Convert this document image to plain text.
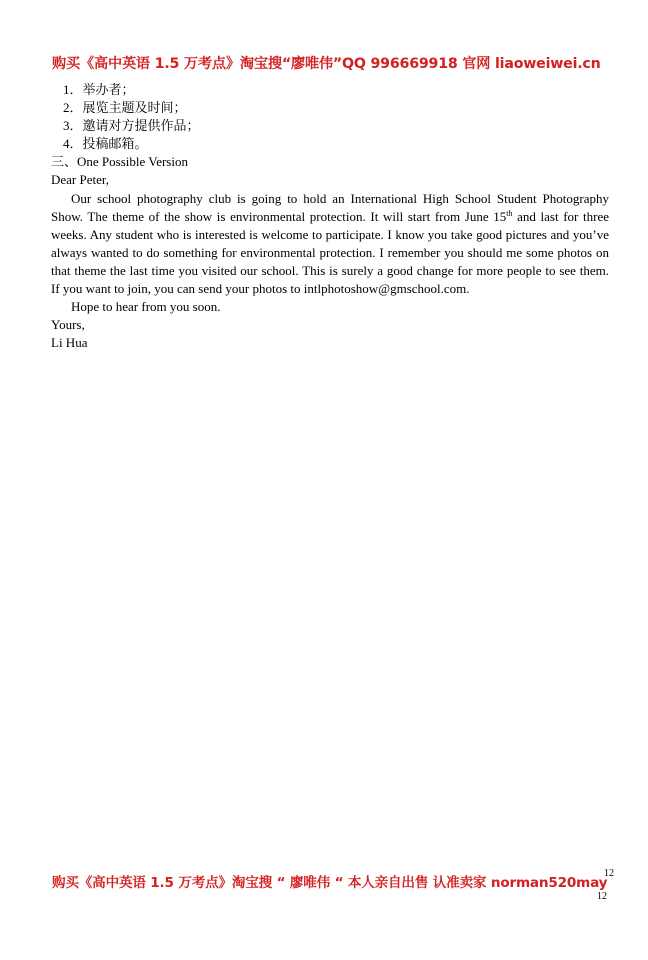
购买《高中英语 1.5 万考点》淘宝搜“廖唯伟”QQ 996669918 官网 liaoweiwei.cn
1．举办者；
2．展览主题及时间；
3．邀请对方提供作品；
4．投稿邮箱。
三、One Possible Version
Dear Peter,

Our school photography club is going to hold an International High School Student Photography Show. The theme of the show is environmental protection. It will start from June 15th and last for three weeks. Any student who is interested is welcome to participate. I know you take good pictures and you’ve always wanted to do something for environmental protection. I remember you should me some photos on that theme the last time you visited our school. This is surely a good change for more people to see them. If you want to join, you can send your photos to intlphotoshow@gmschool.com.

Hope to hear from you soon.

Yours,
Li Hua
购买《高中英语 1.5 万考点》淘宝搜 “ 廖唯伟 “ 本人亲自出售 认准卖家 norman520may
12
12
